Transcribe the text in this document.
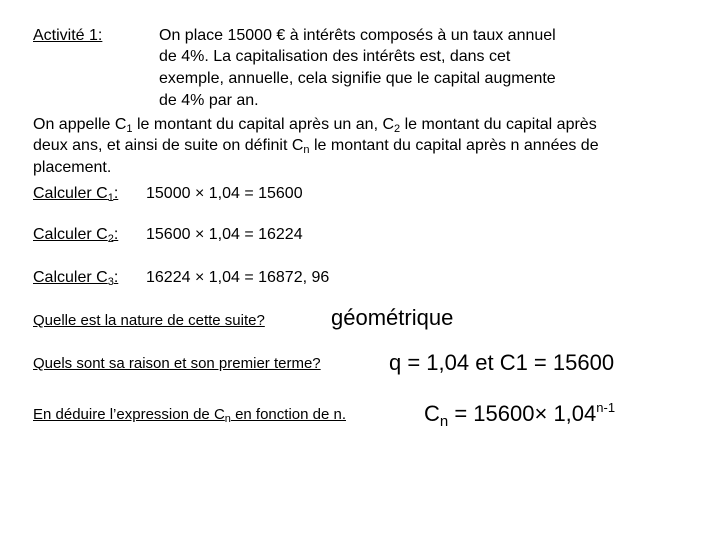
Activité 1:	On place 15000 € à intérêts composés à un taux annuel
de 4%. La capitalisation des intérêts est, dans cet
exemple, annuelle, cela signifie que le capital augmente
de 4% par an.
On appelle $C_1$ le montant du capital après un an, $C_2$ le montant du capital après
deux ans, et ainsi de suite on définit $C_n$ le montant du capital après n années de
placement.
Calculer $C_1$: 15000 × 1,04 = 15600
Calculer $C_2$: 15600 × 1,04 = 16224
Calculer $C_3$: 16224 × 1,04 = 16872, 96
Quelle est la nature de cette suite?	géométrique
Quels sont sa raison et son premier terme?	q = 1,04 et C1 = 15600
En déduire l’expression de $C_n$ en fonction de n.	$C_n = 15600\times 1,04^{n-1}$
